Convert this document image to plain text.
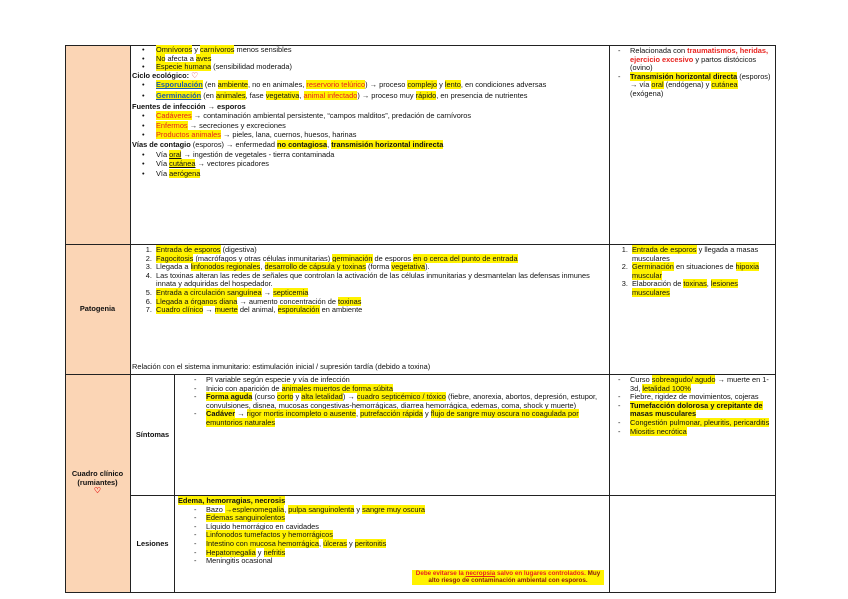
Patogenia
Cuadro clínico (rumiantes)
♡
• Omnívoros y carnívoros menos sensibles
• No afecta a aves
• Especie humana (sensibilidad moderada)

Ciclo ecológico: ♡

• Esporulación (en ambiente, no en animales, reservorio telúrico) → proceso complejo y lento, en condiciones adversas
• Germinación (en animales, fase vegetativa, animal infectado) → proceso muy rápido, en presencia de nutrientes

Fuentes de infección → esporos

• Cadáveres → contaminación ambiental persistente, “campos malditos”, predación de carnívoros
• Enfermos → secreciones y excreciones
• Productos animales → pieles, lana, cuernos, huesos, harinas

Vías de contagio (esporos) → enfermedad no contagiosa, transmisión horizontal indirecta

• Vía oral → ingestión de vegetales - tierra contaminada
• Vía cutánea → vectores picadores
• Vía aerógena
- Relacionada con traumatismos, heridas, ejercicio excesivo y partos distócicos (ovino)
- Transmisión horizontal directa (esporos) → vía oral (endógena) y cutánea (exógena)
1. Entrada de esporos (digestiva)
2. Fagocitosis (macrófagos y otras células inmunitarias) germinación de esporos en o cerca del punto de entrada
3. Llegada a linfonodos regionales, desarrollo de cápsula y toxinas (forma vegetativa).
4. Las toxinas alteran las redes de señales que controlan la activación de las células inmunitarias y desmantelan las defensas inmunes innata y adquiridas del hospedador.
5. Entrada a circulación sanguínea → septicemia
6. Llegada a órganos diana → aumento concentración de toxinas
7. Cuadro clínico → muerte del animal, esporulación en ambiente

Relación con el sistema inmunitario: estimulación inicial / supresión tardía (debido a toxina)

1. Entrada de esporos y llegada a masas musculares
2. Germinación en situaciones de hipoxia muscular
3. Elaboración de toxinas, lesiones musculares
Síntomas
- PI variable según especie y vía de infección
- Inicio con aparición de animales muertos de forma súbita
- Forma aguda (curso corto y alta letalidad) → cuadro septicémico / tóxico (fiebre, anorexia, abortos, depresión, estupor, convulsiones, disnea, mucosas congestivas-hemorrágicas, diarrea hemorrágica, edemas, coma, shock y muerte)
- Cadáver → rigor mortis incompleto o ausente, putrefacción rápida y flujo de sangre muy oscura no coagulada por emuntorios naturales
- Curso sobreagudo/ agudo → muerte en 1-3d, letalidad 100%
- Fiebre, rigidez de movimientos, cojeras
- Tumefacción dolorosa y crepitante de masas musculares
- Congestión pulmonar, pleuritis, pericarditis
- Miositis necrótica
Lesiones

Edema, hemorragias, necrosis

- Bazo →esplenomegalia, pulpa sanguinolenta y sangre muy oscura
- Edemas sanguinolentos
- Líquido hemorrágico en cavidades
- Linfonodos tumefactos y hemorrágicos
- Intestino con mucosa hemorrágica, úlceras y peritonitis
- Hepatomegalia y nefritis
- Meningitis ocasional
Debe evitarse la necropsia salvo en lugares controlados. Muy alto riesgo de contaminación ambiental con esporos.
